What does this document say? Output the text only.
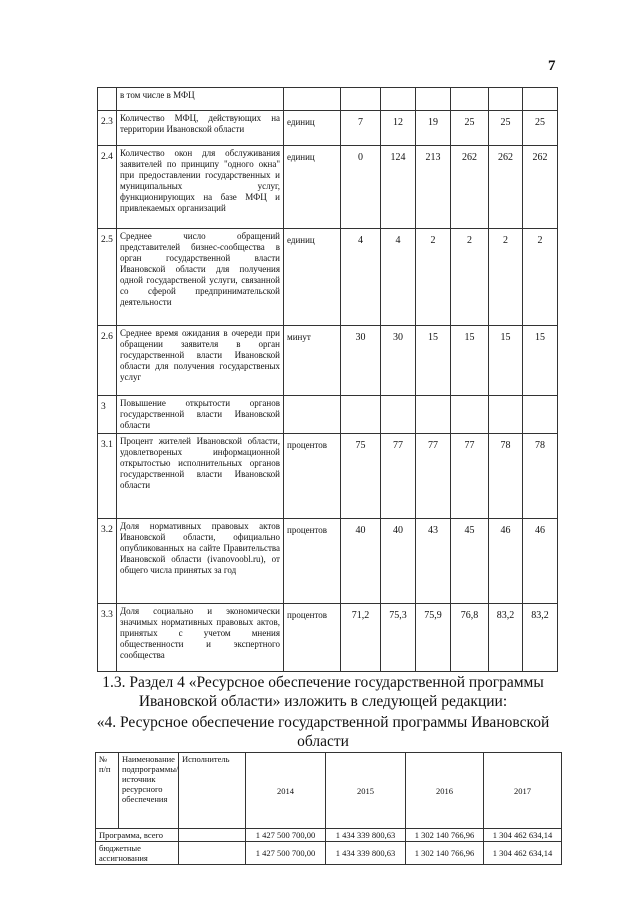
7
	в том числе в МФЦ							
2.3	Количество МФЦ, действующих на территории Ивановской области	единиц	7	12	19	25	25	25
2.4	Количество окон для обслуживания заявителей по принципу "одного окна" при предоставлении государственных и муниципальных услуг, функционирующих на базе МФЦ и привлекаемых организаций	единиц	0	124	213	262	262	262
2.5	Среднее число обращений представителей бизнес-сообщества в орган государственной власти Ивановской области для получения одной государственой услуги, связанной со сферой предпринимательской деятельности	единиц	4	4	2	2	2	2
2.6	Среднее время ожидания в очереди при обращении заявителя в орган государственной власти Ивановской области для получения государственых услуг	минут	30	30	15	15	15	15
3	Повышение открытости органов государственной власти Ивановской области							
3.1	Процент жителей Ивановской области, удовлетвореных информационной открытостью исполнительных органов государственной власти Ивановской области	процентов	75	77	77	77	78	78
3.2	Доля нормативных правовых актов Ивановской области, официально опубликованных на сайте Правительства Ивановской области (ivanovoobl.ru), от общего числа принятых за год	процентов	40	40	43	45	46	46
3.3	Доля социально и экономически значимых нормативных правовых актов, принятых с учетом мнения общественности и экспертного сообщества	процентов	71,2	75,3	75,9	76,8	83,2	83,2
1.3. Раздел 4 «Ресурсное обеспечение государственной программы Ивановской области» изложить в следующей редакции:
«4. Ресурсное обеспечение государственной программы Ивановской области
№ п/п	Наименование подпрограммы/ источник ресурсного обеспечения	Исполнитель	2014	2015	2016	2017
Программа, всего			1 427 500 700,00	1 434 339 800,63	1 302 140 766,96	1 304 462 634,14
бюджетные ассигнования			1 427 500 700,00	1 434 339 800,63	1 302 140 766,96	1 304 462 634,14
